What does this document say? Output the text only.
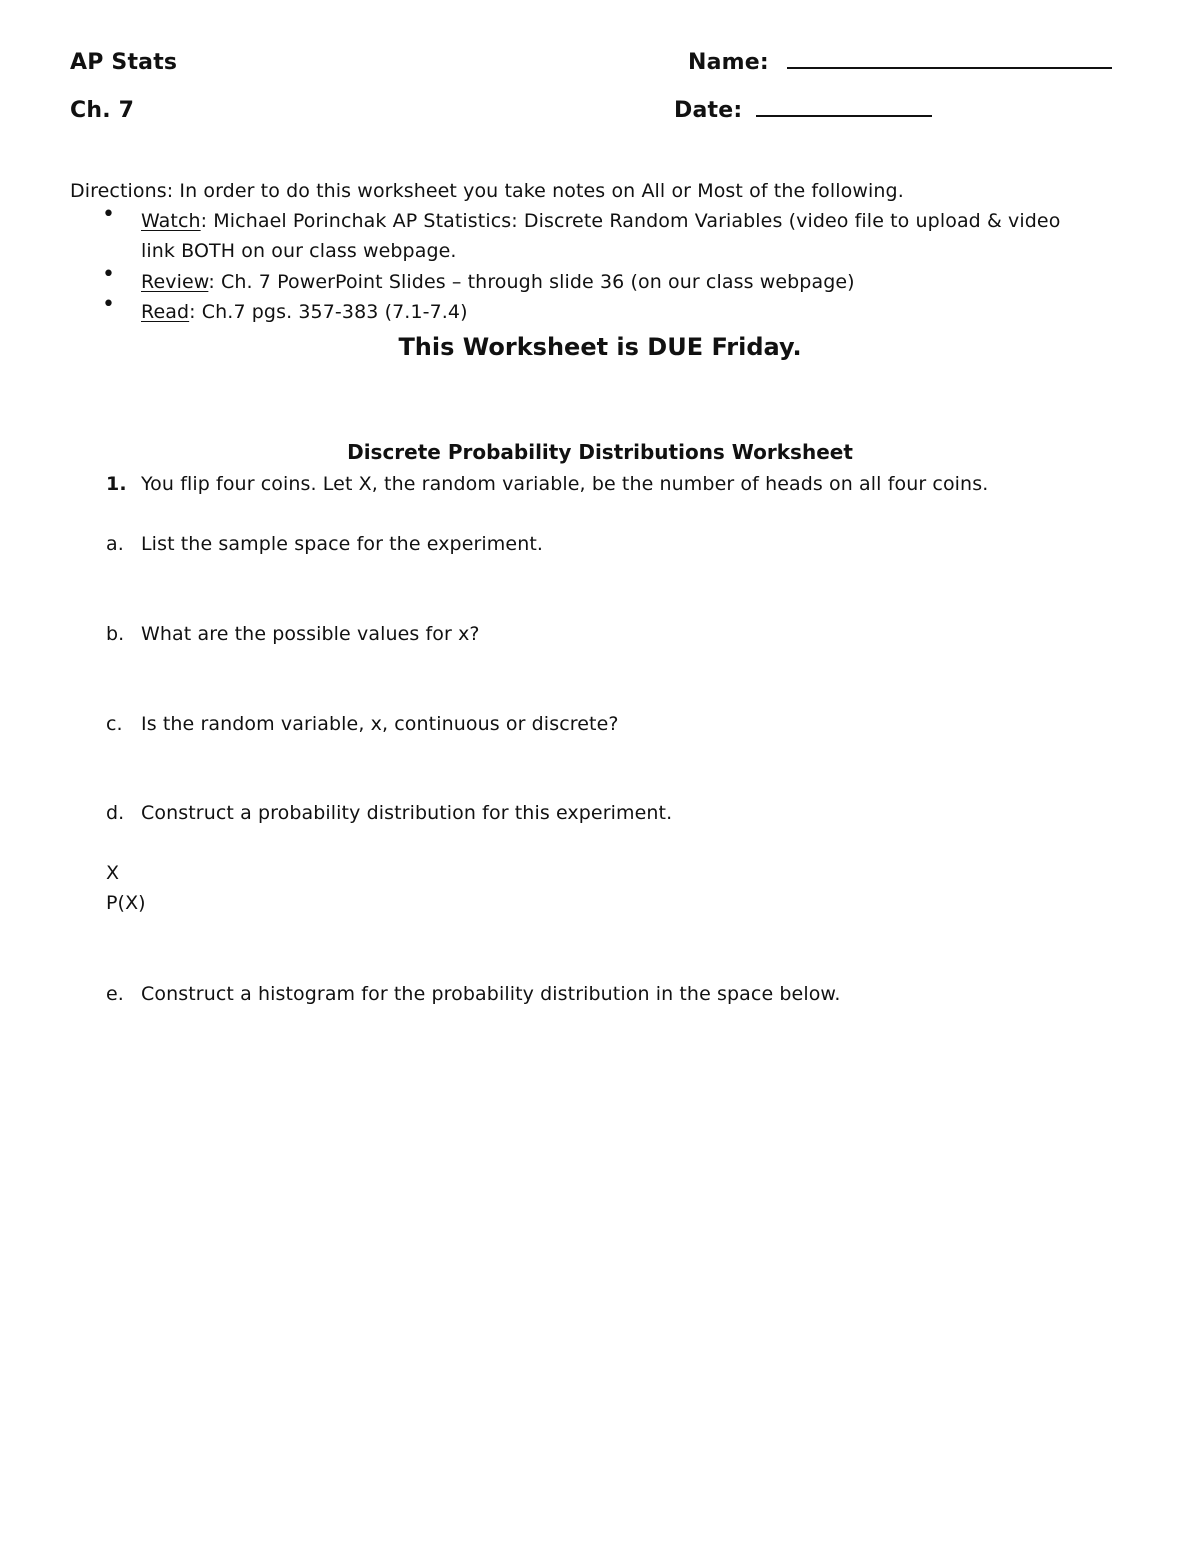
AP Stats
Ch. 7
Name:
Date:
Directions: In order to do this worksheet you take notes on All or Most of the following.
• Watch: Michael Porinchak AP Statistics: Discrete Random Variables (video file to upload & video
link BOTH on our class webpage.
• Review: Ch. 7 PowerPoint Slides – through slide 36 (on our class webpage)
• Read: Ch.7 pgs. 357-383 (7.1-7.4)
This Worksheet is DUE Friday.
Discrete Probability Distributions Worksheet
1. You flip four coins. Let X, the random variable, be the number of heads on all four coins.
a. List the sample space for the experiment.
b. What are the possible values for x?
c. Is the random variable, x, continuous or discrete?
d. Construct a probability distribution for this experiment.
X
P(X)
e. Construct a histogram for the probability distribution in the space below.
